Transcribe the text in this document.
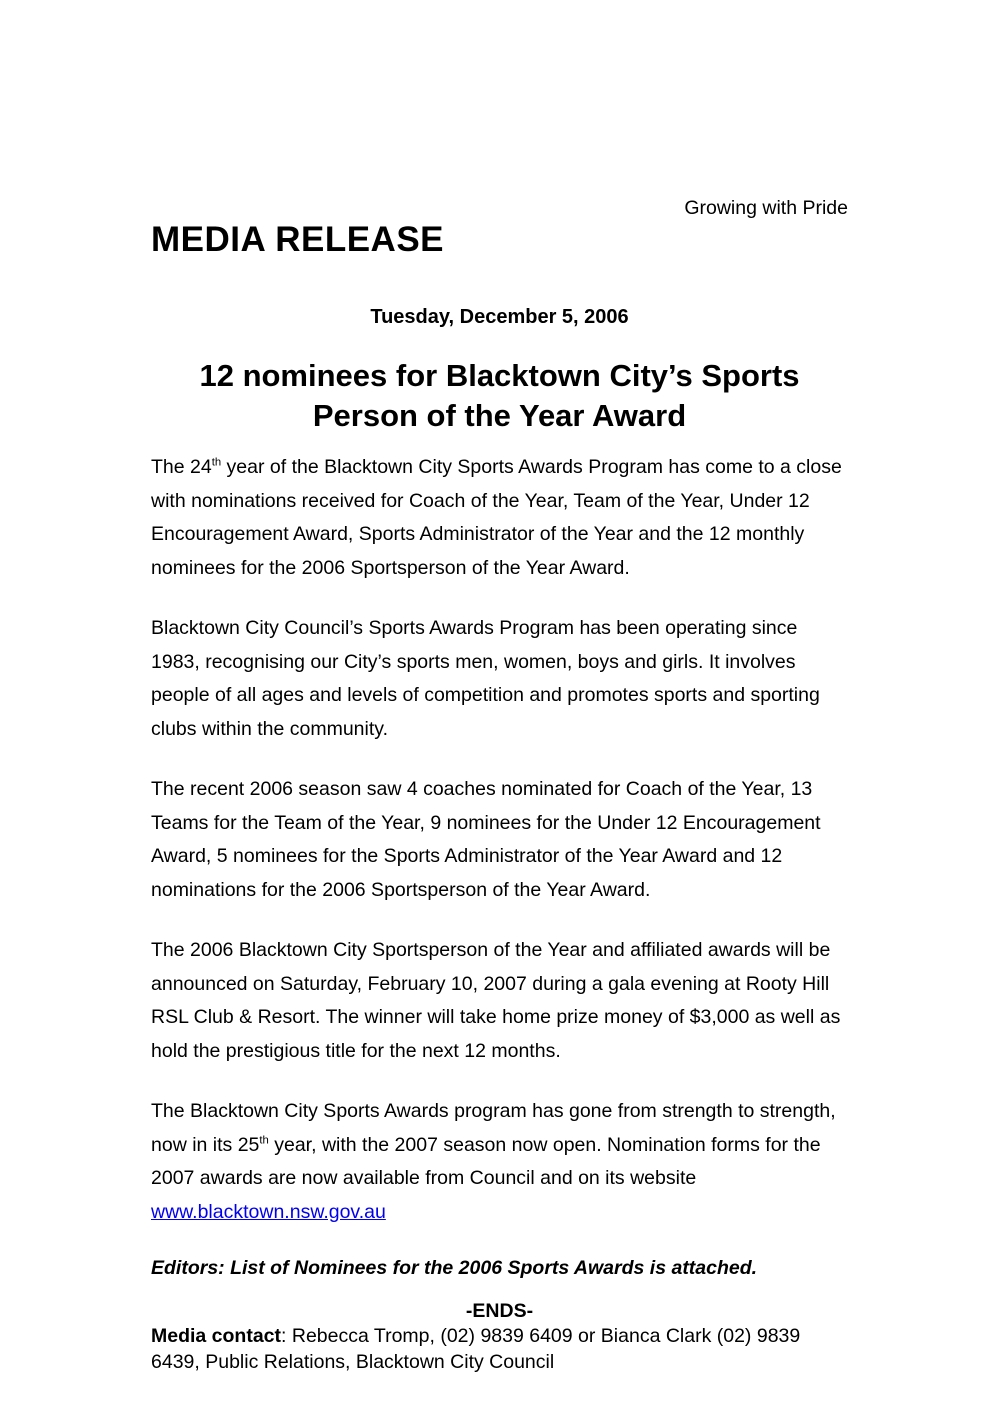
Growing with Pride
MEDIA RELEASE
Tuesday, December 5, 2006
12 nominees for Blacktown City’s Sports Person of the Year Award

The 24th year of the Blacktown City Sports Awards Program has come to a close with nominations received for Coach of the Year, Team of the Year, Under 12 Encouragement Award, Sports Administrator of the Year and the 12 monthly nominees for the 2006 Sportsperson of the Year Award.

Blacktown City Council’s Sports Awards Program has been operating since 1983, recognising our City’s sports men, women, boys and girls. It involves people of all ages and levels of competition and promotes sports and sporting clubs within the community.

The recent 2006 season saw 4 coaches nominated for Coach of the Year, 13 Teams for the Team of the Year, 9 nominees for the Under 12 Encouragement Award, 5 nominees for the Sports Administrator of the Year Award and 12 nominations for the 2006 Sportsperson of the Year Award.

The 2006 Blacktown City Sportsperson of the Year and affiliated awards will be announced on Saturday, February 10, 2007 during a gala evening at Rooty Hill RSL Club & Resort. The winner will take home prize money of $3,000 as well as hold the prestigious title for the next 12 months.

The Blacktown City Sports Awards program has gone from strength to strength, now in its 25th year, with the 2007 season now open. Nomination forms for the 2007 awards are now available from Council and on its website www.blacktown.nsw.gov.au

Editors: List of Nominees for the 2006 Sports Awards is attached.

-ENDS-

Media contact: Rebecca Tromp, (02) 9839 6409 or Bianca Clark (02) 9839 6439, Public Relations, Blacktown City Council
